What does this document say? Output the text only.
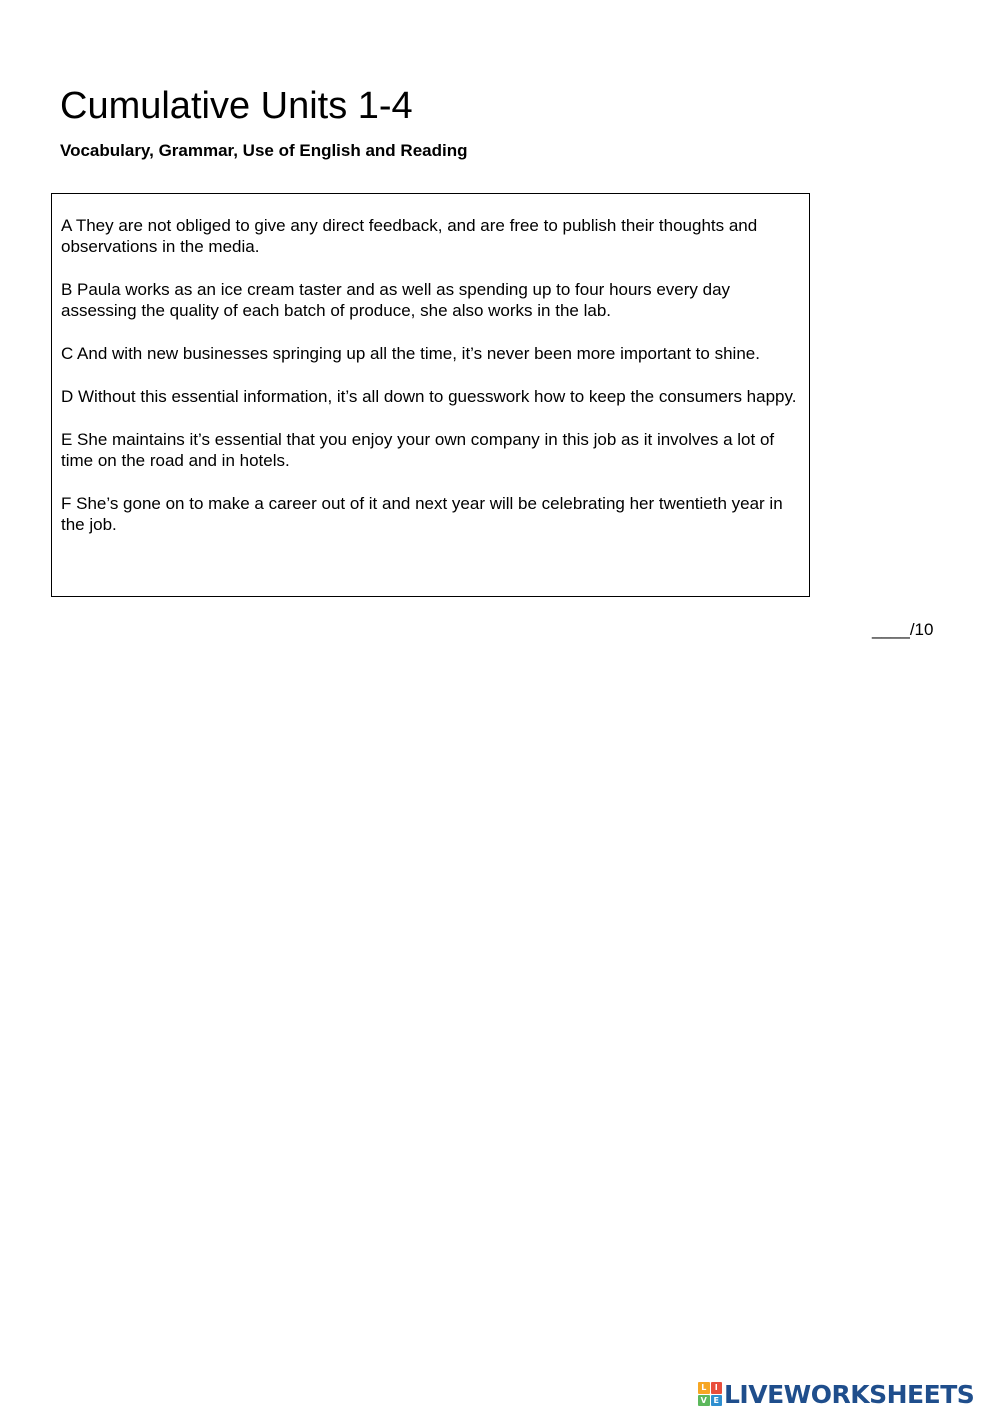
Cumulative Units 1-4

Vocabulary, Grammar, Use of English and Reading

A They are not obliged to give any direct feedback, and are free to publish their thoughts and observations in the media.

B Paula works as an ice cream taster and as well as spending up to four hours every day assessing the quality of each batch of produce, she also works in the lab.

C And with new businesses springing up all the time, it’s never been more important to shine.

D Without this essential information, it’s all down to guesswork how to keep the consumers happy.

E She maintains it’s essential that you enjoy your own company in this job as it involves a lot of time on the road and in hotels.

F She’s gone on to make a career out of it and next year will be celebrating her twentieth year in the job.

____/10
L	I
V E LIVEWORKSHEETS
